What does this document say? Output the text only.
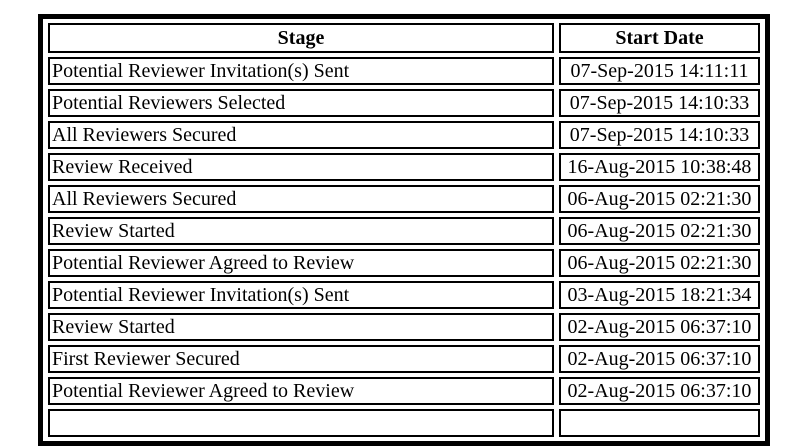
Stage	Start Date
Potential Reviewer Invitation(s) Sent	07-Sep-2015 14:11:11
Potential Reviewers Selected	07-Sep-2015 14:10:33
All Reviewers Secured	07-Sep-2015 14:10:33
Review Received	16-Aug-2015 10:38:48
All Reviewers Secured	06-Aug-2015 02:21:30
Review Started	06-Aug-2015 02:21:30
Potential Reviewer Agreed to Review	06-Aug-2015 02:21:30
Potential Reviewer Invitation(s) Sent	03-Aug-2015 18:21:34
Review Started	02-Aug-2015 06:37:10
First Reviewer Secured	02-Aug-2015 06:37:10
Potential Reviewer Agreed to Review	02-Aug-2015 06:37:10
